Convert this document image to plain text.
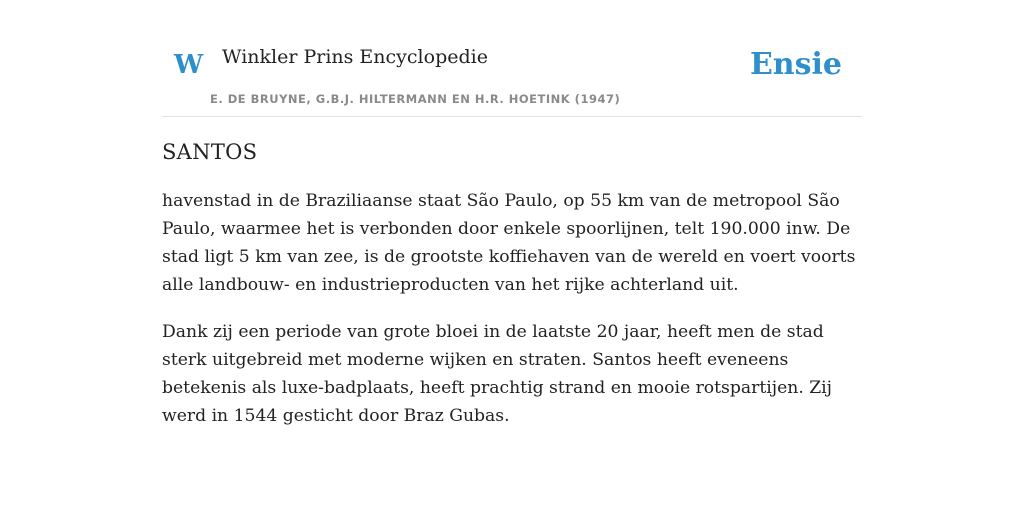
W Winkler Prins Encyclopedie
E. DE BRUYNE, G.B.J. HILTERMANN EN H.R. HOETINK (1947)
Ensie
SANTOS

havenstad in de Braziliaanse staat São Paulo, op 55 km van de metropool São Paulo, waarmee het is verbonden door enkele spoorlijnen, telt 190.000 inw. De stad ligt 5 km van zee, is de grootste koffiehaven van de wereld en voert voorts alle landbouw- en industrieproducten van het rijke achterland uit.

Dank zij een periode van grote bloei in de laatste 20 jaar, heeft men de stad sterk uitgebreid met moderne wijken en straten. Santos heeft eveneens betekenis als luxe-badplaats, heeft prachtig strand en mooie rotspartijen. Zij werd in 1544 gesticht door Braz Gubas.
